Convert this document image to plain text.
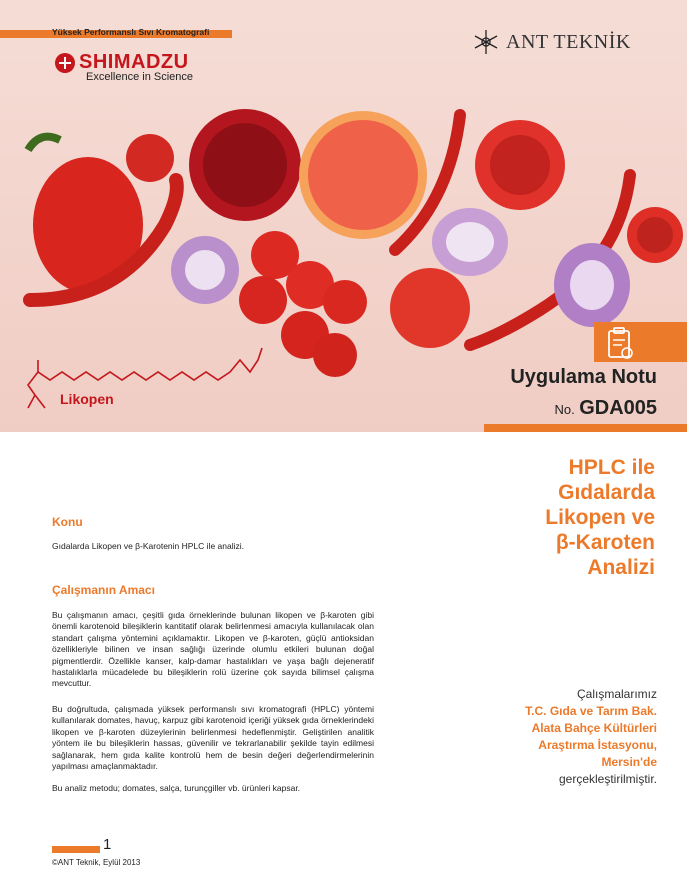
Yüksek Performanslı Sıvı Kromatografi
SHIMADZU
Excellence in Science
ANT TEKNİK
Likopen
Uygulama Notu
No. GDA005
HPLC ile
Gıdalarda
Likopen ve
β-Karoten
Analizi
Konu
Gıdalarda Likopen ve β-Karotenin HPLC ile analizi.
Çalışmanın Amacı
Bu çalışmanın amacı, çeşitli gıda örneklerinde bulunan likopen ve β-karoten gibi önemli karotenoid bileşiklerin kantitatif olarak belirlenmesi amacıyla kullanılacak olan standart çalışma yöntemini açıklamaktır. Likopen ve β-karoten, güçlü antioksidan özellikleriyle bilinen ve insan sağlığı üzerinde olumlu etkileri bulunan doğal pigmentlerdir. Özellikle kanser, kalp-damar hastalıkları ve yaşa bağlı dejeneratif hastalıklarla mücadelede bu bileşiklerin rolü üzerine çok sayıda bilimsel çalışma mevcuttur.
Bu doğrultuda, çalışmada yüksek performanslı sıvı kromatografi (HPLC) yöntemi kullanılarak domates, havuç, karpuz gibi karotenoid içeriği yüksek gıda örneklerindeki likopen ve β-karoten düzeylerinin belirlenmesi hedeflenmiştir. Geliştirilen analitik yöntem ile bu bileşiklerin hassas, güvenilir ve tekrarlanabilir şekilde tayin edilmesi sağlanarak, hem gıda kalite kontrolü hem de besin değeri değerlendirmelerinin yapılması amaçlanmaktadır.
Bu analiz metodu; domates, salça, turunçgiller vb. ürünleri kapsar.
Çalışmalarımız
T.C. Gıda ve Tarım Bak.
Alata Bahçe Kültürleri
Araştırma İstasyonu,
Mersin'de
gerçekleştirilmiştir.
1
©ANT Teknik, Eylül 2013
